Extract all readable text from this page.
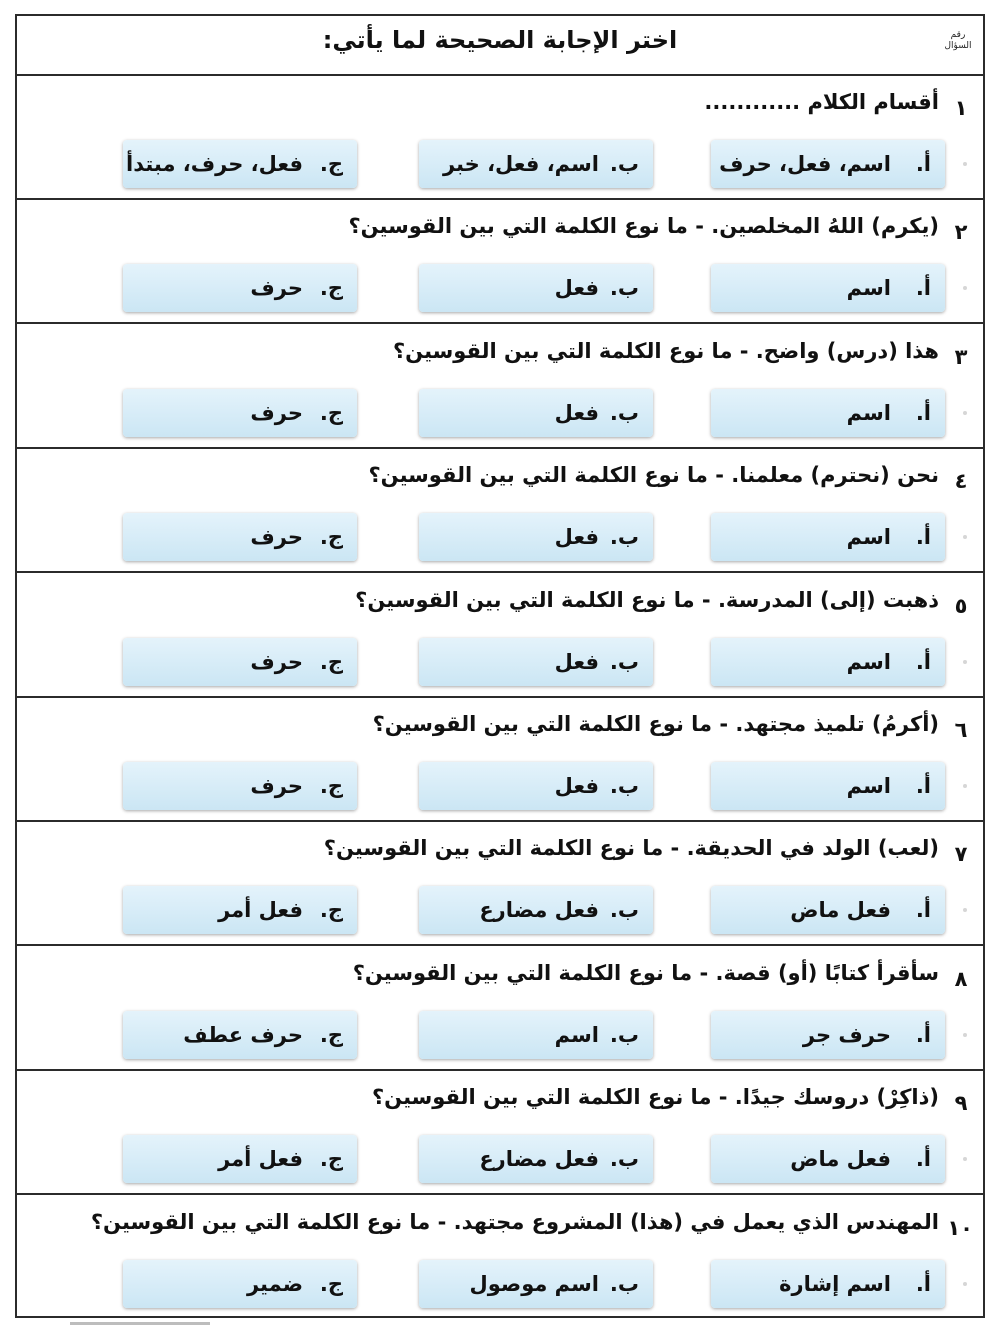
اختر الإجابة الصحيحة لما يأتي:	رقم السؤال
١
أقسام الكلام ............
أ.
اسم، فعل، حرف
ب.
اسم، فعل، خبر
ج.
فعل، حرف، مبتدأ
٢
(يكرم) اللهُ المخلصين. - ما نوع الكلمة التي بين القوسين؟
أ.
اسم
ب.
فعل
ج.
حرف
٣
هذا (درس) واضح. - ما نوع الكلمة التي بين القوسين؟
أ.
اسم
ب.
فعل
ج.
حرف
٤
نحن (نحترم) معلمنا. - ما نوع الكلمة التي بين القوسين؟
أ.
اسم
ب.
فعل
ج.
حرف
٥
ذهبت (إلى) المدرسة. - ما نوع الكلمة التي بين القوسين؟
أ.
اسم
ب.
فعل
ج.
حرف
٦
(أكرمُ) تلميذ مجتهد. - ما نوع الكلمة التي بين القوسين؟
أ.
اسم
ب.
فعل
ج.
حرف
٧
(لعب) الولد في الحديقة. - ما نوع الكلمة التي بين القوسين؟
أ.
فعل ماض
ب.
فعل مضارع
ج.
فعل أمر
٨
سأقرأ كتابًا (أو) قصة. - ما نوع الكلمة التي بين القوسين؟
أ.
حرف جر
ب.
اسم
ج.
حرف عطف
٩
(ذاكِرْ) دروسك جيدًا. - ما نوع الكلمة التي بين القوسين؟
أ.
فعل ماض
ب.
فعل مضارع
ج.
فعل أمر
١٠
المهندس الذي يعمل في (هذا) المشروع مجتهد. - ما نوع الكلمة التي بين القوسين؟
أ.
اسم إشارة
ب.
اسم موصول
ج.
ضمير
